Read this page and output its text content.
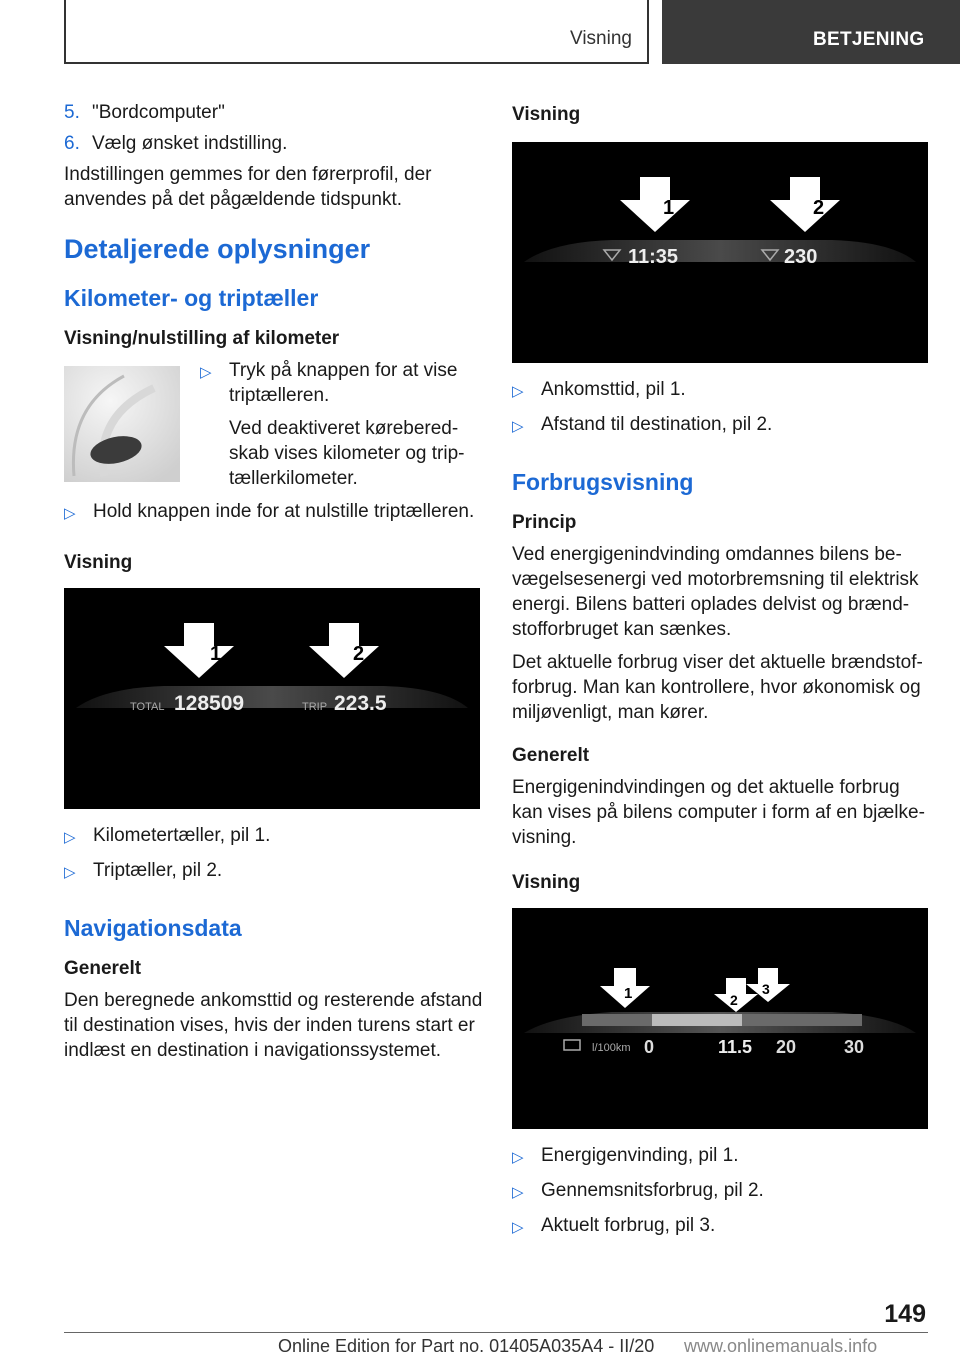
Visning	BETJENING
5. "Bordcomputer"
6. Vælg ønsket indstilling.

Indstillingen gemmes for den førerprofil, der anvendes på det pågældende tidspunkt.

Detaljerede oplysninger
Kilometer- og triptæller
Visning/nulstilling af kilometer
▷ Tryk på knappen for at vise triptælleren.
Ved deaktiveret køreberedskab vises kilometer og triptællerkilometer.
▷ Hold knappen inde for at nulstille triptælleren.
Visning
1	2
TOTAL 128509	TRIP 223.5
▷ Kilometertæller, pil 1.
▷ Triptæller, pil 2.
Navigationsdata
Generelt

Den beregnede ankomsttid og resterende afstand til destination vises, hvis der inden turens start er indlæst en destination i navigationssystemet.

Visning
1	2
11:35	230
▷ Ankomsttid, pil 1.
▷ Afstand til destination, pil 2.
Forbrugsvisning
Princip

Ved energigenindvinding omdannes bilens bevægelsesenergi ved motorbremsning til elektrisk energi. Bilens batteri oplades delvist og brændstofforbruget kan sænkes.

Det aktuelle forbrug viser det aktuelle brændstofforbrug. Man kan kontrollere, hvor økonomisk og miljøvenligt, man kører.

Generelt

Energigenindvindingen og det aktuelle forbrug kan vises på bilens computer i form af en bjælkevisning.

Visning
1	2
3
l/100km 0	11.5 20	30
▷ Energigenvinding, pil 1.
▷ Gennemsnitsforbrug, pil 2.
▷ Aktuelt forbrug, pil 3.
149
Online Edition for Part no. 01405A035A4 - II/20 www.onlinemanuals.info
